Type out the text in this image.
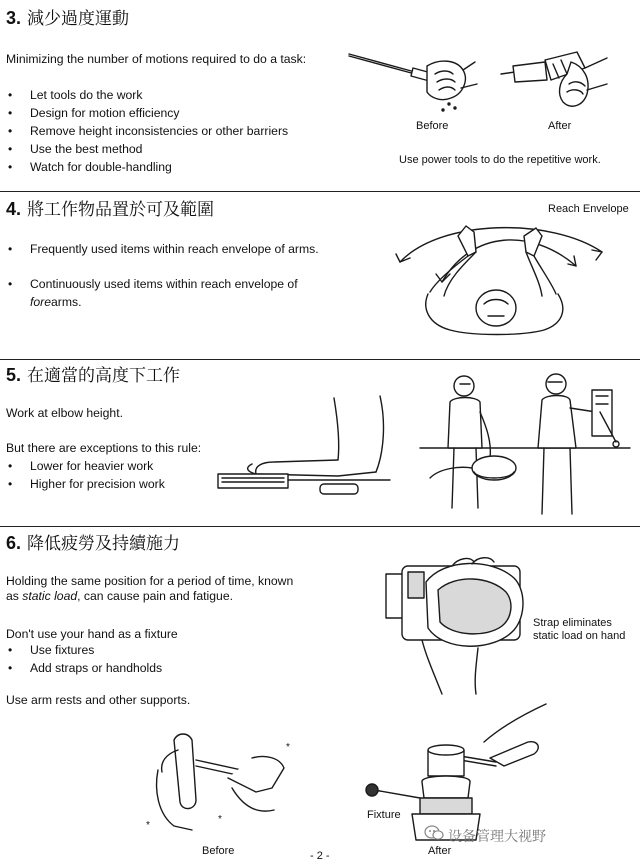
3. 減少過度運動
Minimizing the number of motions required to do a task:
• Let tools do the work
• Design for motion efficiency
• Remove height inconsistencies or other barriers
• Use the best method
• Watch for double-handling
Before	After
Use power tools to do the repetitive work.
4. 將工作物品置於可及範圍
• Frequently used items within reach envelope of arms.
• Continuously used items within reach envelope of
forearms.
Reach Envelope
5. 在適當的高度下工作
Work at elbow height.
But there are exceptions to this rule:
• Lower for heavier work
• Higher for precision work
6. 降低疲勞及持續施力
Holding the same position for a period of time, known
as static load, can cause pain and fatigue.
Don't use your hand as a fixture
• Use fixtures
• Add straps or handholds
Use arm rests and other supports.
Strap eliminates
static load on hand
*
*
*
Before
Fixture
After
- 2 -
设备管理大视野
